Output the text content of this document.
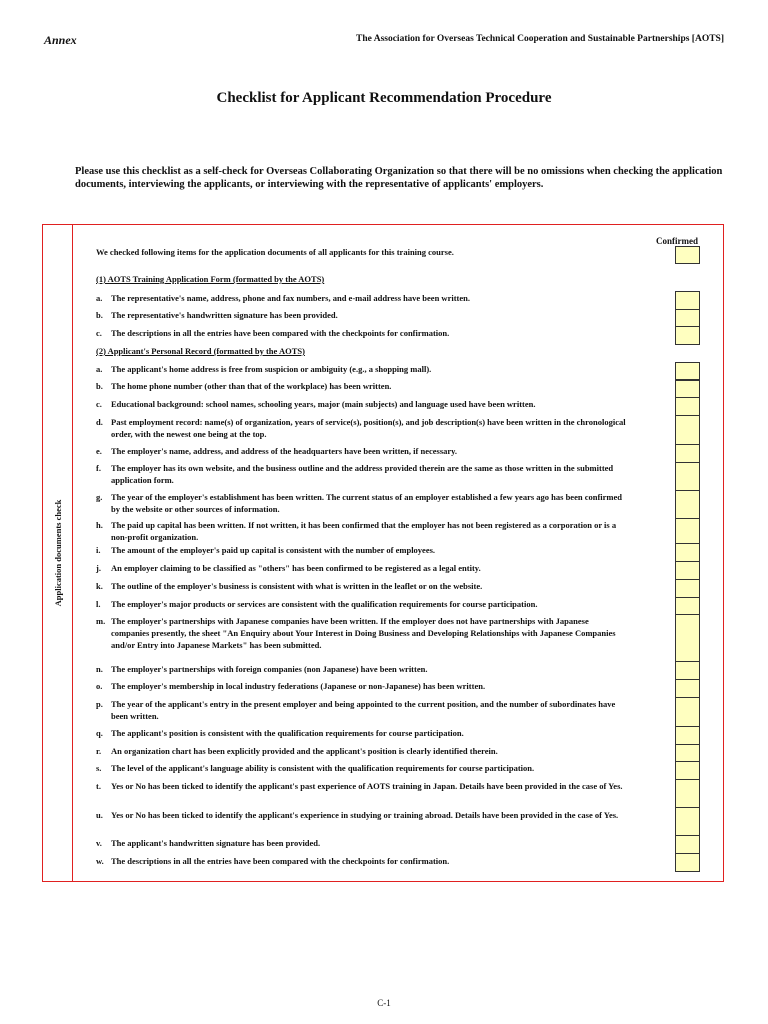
Annex	The Association for Overseas Technical Cooperation and Sustainable Partnerships [AOTS]
Checklist for Applicant Recommendation Procedure
Please use this checklist as a self-check for Overseas Collaborating Organization so that there will be no omissions when checking the application documents, interviewing the applicants, or interviewing with the representative of applicants' employers.
Application documents check
Confirmed
We checked following items for the application documents of all applicants for this training course.
(1) AOTS Training Application Form (formatted by the AOTS)
a.	The representative's name, address, phone and fax numbers, and e-mail address have been written.
b. The representative's handwritten signature has been provided.
c.	The descriptions in all the entries have been compared with the checkpoints for confirmation.
(2) Applicant's Personal Record (formatted by the AOTS)
a.	The applicant's home address is free from suspicion or ambiguity (e.g., a shopping mall).
b. The home phone number (other than that of the workplace) has been written.
c.	Educational background: school names, schooling years, major (main subjects) and language used have been written.
d. Past employment record: name(s) of organization, years of service(s), position(s), and job description(s) have been written in the chronological order, with the newest one being at the top.
e.	The employer's name, address, and address of the headquarters have been written, if necessary.
f.	The employer has its own website, and the business outline and the address provided therein are the same as those written in the submitted application form.
g.	The year of the employer's establishment has been written. The current status of an employer established a few years ago has been confirmed by the website or other sources of information.
h. The paid up capital has been written. If not written, it has been confirmed that the employer has not been registered as a corporation or is a non-profit organization.
i.	The amount of the employer's paid up capital is consistent with the number of employees.
j.	An employer claiming to be classified as "others" has been confirmed to be registered as a legal entity.
k. The outline of the employer's business is consistent with what is written in the leaflet or on the website.
l.	The employer's major products or services are consistent with the qualification requirements for course participation.
m. The employer's partnerships with Japanese companies have been written. If the employer does not have partnerships with Japanese companies presently, the sheet "An Enquiry about Your Interest in Doing Business and Developing Relationships with Japanese Companies and/or Entry into Japanese Markets" has been submitted.
n. The employer's partnerships with foreign companies (non Japanese) have been written.
o.	The employer's membership in local industry federations (Japanese or non-Japanese) has been written.
p. The year of the applicant's entry in the present employer and being appointed to the current position, and the number of subordinates have been written.
q. The applicant's position is consistent with the qualification requirements for course participation.
r.	An organization chart has been explicitly provided and the applicant's position is clearly identified therein.
s.	The level of the applicant's language ability is consistent with the qualification requirements for course participation.
t.	Yes or No has been ticked to identify the applicant's past experience of AOTS training in Japan. Details have been provided in the case of Yes.
u. Yes or No has been ticked to identify the applicant's experience in studying or training abroad. Details have been provided in the case of Yes.
v.	The applicant's handwritten signature has been provided.
w. The descriptions in all the entries have been compared with the checkpoints for confirmation.
C-1
